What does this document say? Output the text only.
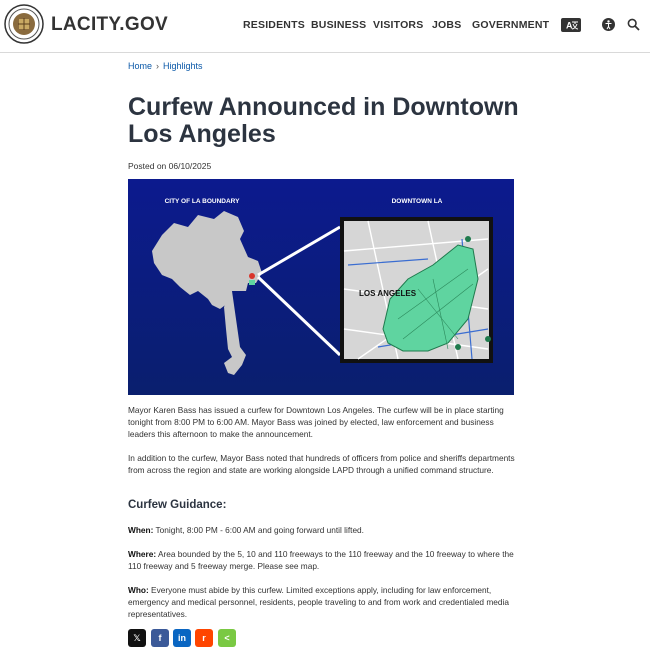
LACITY.GOV	RESIDENTS BUSINESS VISITORS JOBS GOVERNMENT A
Home › Highlights
Curfew Announced in Downtown Los Angeles
Posted on 06/10/2025
CITY OF LA BOUNDARY	DOWNTOWN LA
LOS ANGELES

Mayor Karen Bass has issued a curfew for Downtown Los Angeles. The curfew will be in place starting tonight from 8:00 PM to 6:00 AM. Mayor Bass was joined by elected, law enforcement and business leaders this afternoon to make the announcement.

In addition to the curfew, Mayor Bass noted that hundreds of officers from police and sheriffs departments from across the region and state are working alongside LAPD through a unified command structure.

Curfew Guidance:

When: Tonight, 8:00 PM - 6:00 AM and going forward until lifted.

Where: Area bounded by the 5, 10 and 110 freeways to the 110 freeway and the 10 freeway to where the 110 freeway and 5 freeway merge. Please see map.

Who: Everyone must abide by this curfew. Limited exceptions apply, including for law enforcement, emergency and medical personnel, residents, people traveling to and from work and credentialed media representatives.

𝕏	f	in	r	<
